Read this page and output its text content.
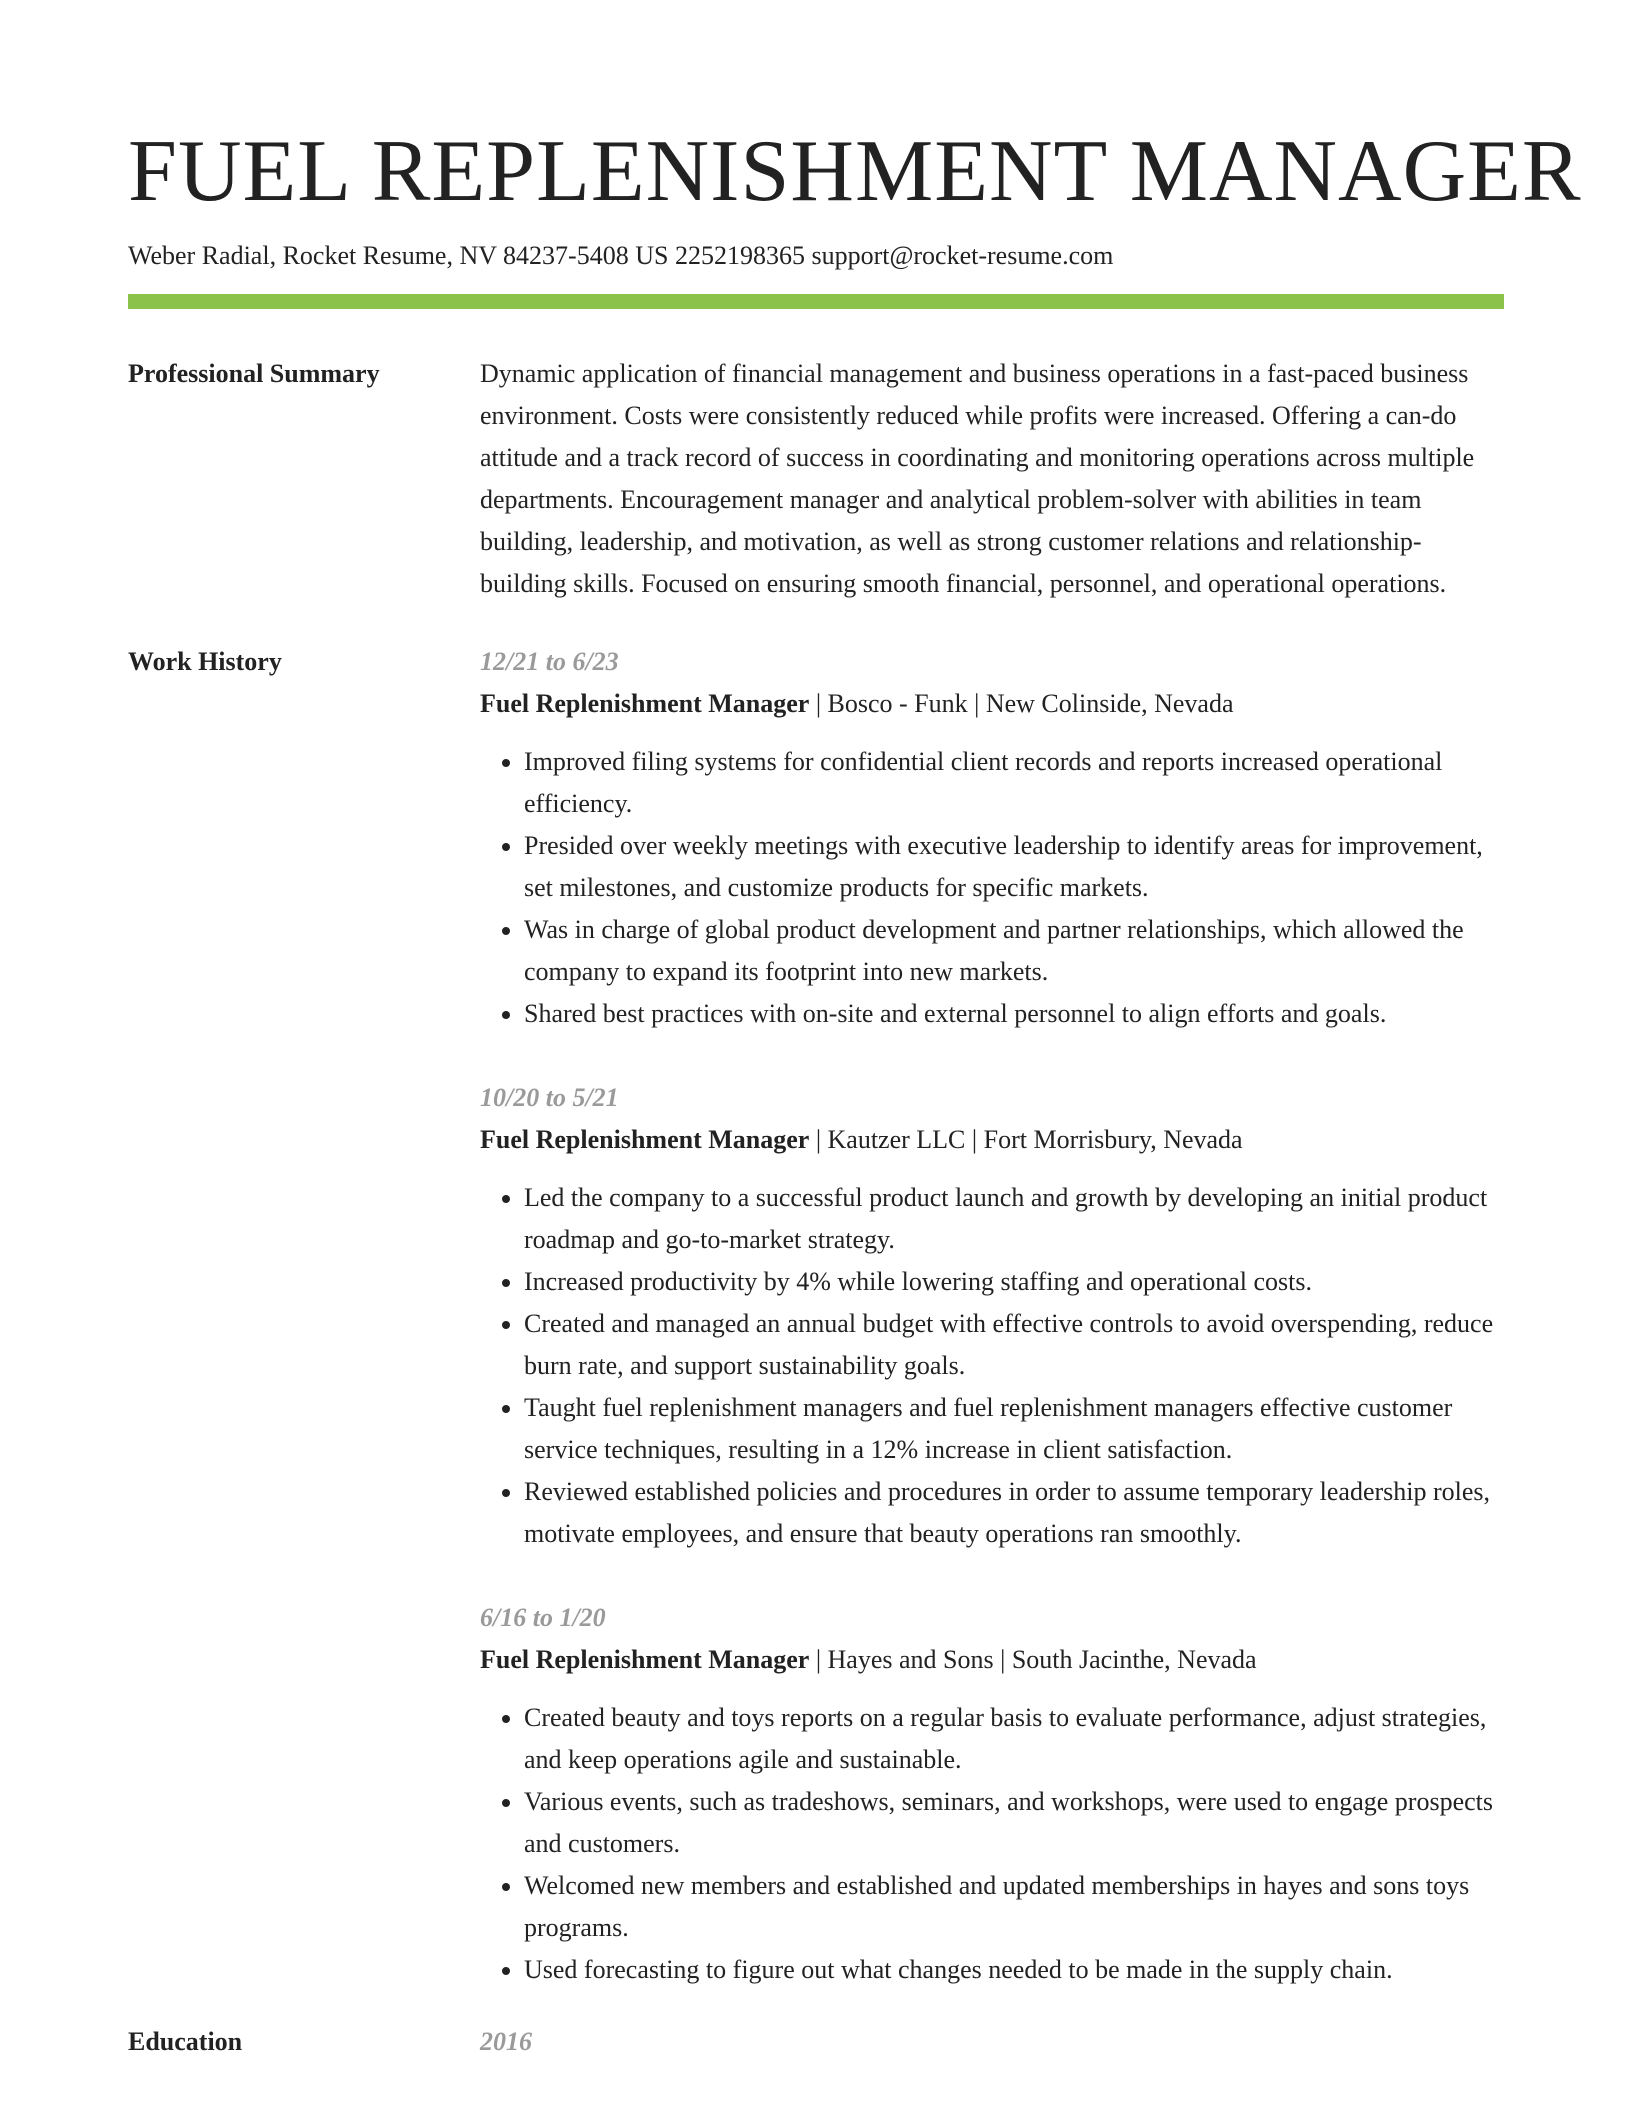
FUEL REPLENISHMENT MANAGER
Weber Radial, Rocket Resume, NV 84237-5408 US 2252198365 support@rocket-resume.com
Professional Summary	Dynamic application of financial management and business operations in a fast-paced business environment. Costs were consistently reduced while profits were increased. Offering a can-do attitude and a track record of success in coordinating and monitoring operations across multiple departments. Encouragement manager and analytical problem-solver with abilities in team building, leadership, and motivation, as well as strong customer relations and relationship-building skills. Focused on ensuring smooth financial, personnel, and operational operations.

Work History	12/21 to 6/23
Fuel Replenishment Manager | Bosco - Funk | New Colinside, Nevada
• Improved filing systems for confidential client records and reports increased operational efficiency.
• Presided over weekly meetings with executive leadership to identify areas for improvement, set milestones, and customize products for specific markets.
• Was in charge of global product development and partner relationships, which allowed the company to expand its footprint into new markets.
• Shared best practices with on-site and external personnel to align efforts and goals.
10/20 to 5/21
Fuel Replenishment Manager | Kautzer LLC | Fort Morrisbury, Nevada
• Led the company to a successful product launch and growth by developing an initial product roadmap and go-to-market strategy.
• Increased productivity by 4% while lowering staffing and operational costs.
• Created and managed an annual budget with effective controls to avoid overspending, reduce burn rate, and support sustainability goals.
• Taught fuel replenishment managers and fuel replenishment managers effective customer service techniques, resulting in a 12% increase in client satisfaction.
• Reviewed established policies and procedures in order to assume temporary leadership roles, motivate employees, and ensure that beauty operations ran smoothly.
6/16 to 1/20
Fuel Replenishment Manager | Hayes and Sons | South Jacinthe, Nevada
• Created beauty and toys reports on a regular basis to evaluate performance, adjust strategies, and keep operations agile and sustainable.
• Various events, such as tradeshows, seminars, and workshops, were used to engage prospects and customers.
• Welcomed new members and established and updated memberships in hayes and sons toys programs.
• Used forecasting to figure out what changes needed to be made in the supply chain.
Education	2016
